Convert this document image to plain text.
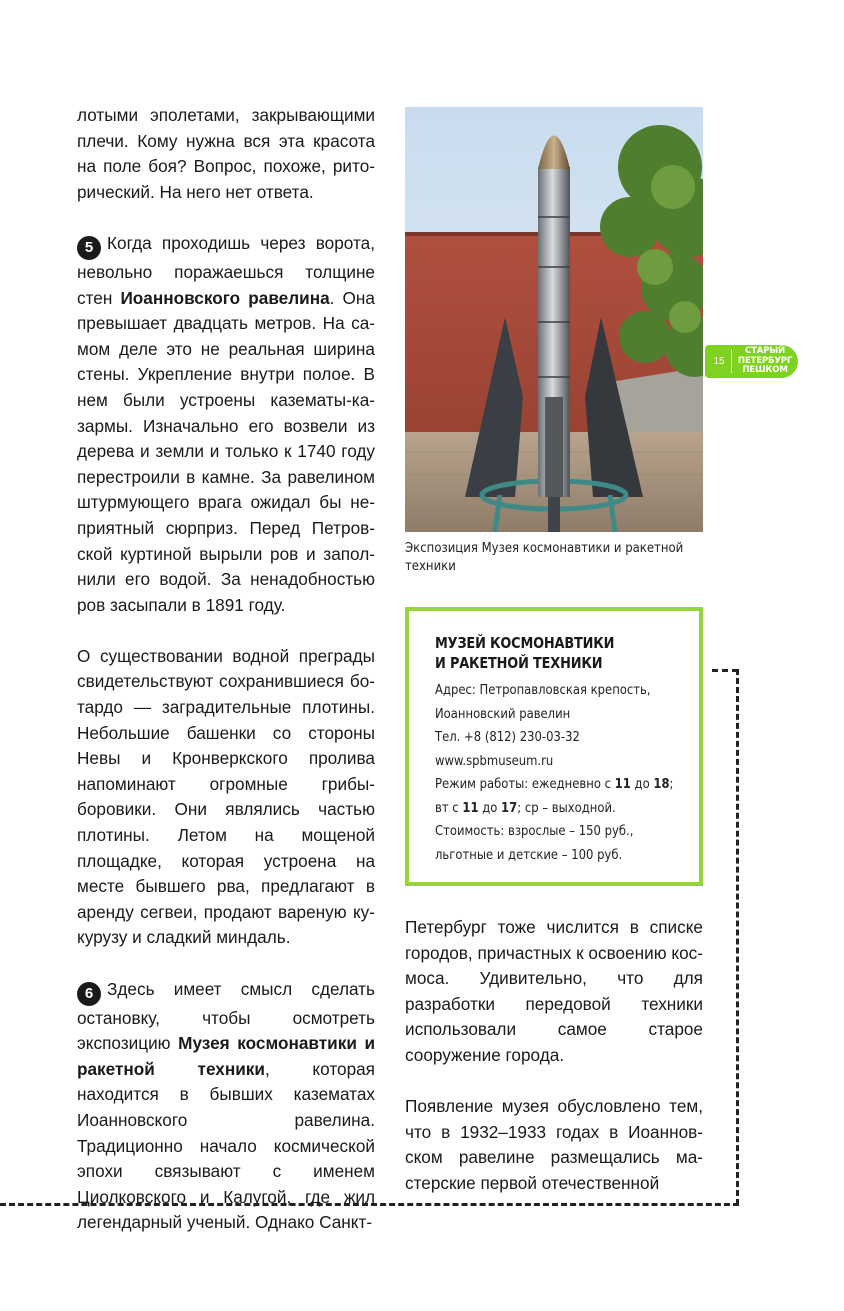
лотыми эполетами, закрывающими плечи. Кому нужна вся эта красота на поле боя? Вопрос, похоже, риторический. На него нет ответа.

5 Когда проходишь через ворота, невольно поражаешься толщине стен Иоанновского равелина. Она превышает двадцать метров. На самом деле это не реальная ширина стены. Укрепление внутри полое. В нем были устроены казематы-казармы. Изначально его возвели из дерева и земли и только к 1740 году перестроили в камне. За равелином штурмующего врага ожидал бы неприятный сюрприз. Перед Петровской куртиной вырыли ров и заполнили его водой. За ненадобностью ров засыпали в 1891 году.

О существовании водной преграды свидетельствуют сохранившиеся ботардо — заградительные плотины. Небольшие башенки со стороны Невы и Кронверкского пролива напоминают огромные грибы-боровики. Они являлись частью плотины. Летом на мощеной площадке, которая устроена на месте бывшего рва, предлагают в аренду сегвеи, продают вареную кукурузу и сладкий миндаль.

6 Здесь имеет смысл сделать остановку, чтобы осмотреть экспозицию Музея космонавтики и ракетной техники, которая находится в бывших казематах Иоанновского равелина. Традиционно начало космической эпохи связывают с именем Циолковского и Калугой, где жил легендарный ученый. Однако Санкт-

Экспозиция Музея космонавтики и ракетной техники
МУЗЕЙ КОСМОНАВТИКИ
И РАКЕТНОЙ ТЕХНИКИ
Адрес: Петропавловская крепость,
Иоанновский равелин
Тел. +8 (812) 230-03-32
www.spbmuseum.ru
Режим работы: ежедневно с 11 до 18;
вт с 11 до 17; ср – выходной.
Стоимость: взрослые – 150 руб.,
льготные и детские – 100 руб.

Петербург тоже числится в списке городов, причастных к освоению космоса. Удивительно, что для разработки передовой техники использовали самое старое сооружение города.

Появление музея обусловлено тем, что в 1932–1933 годах в Иоанновском равелине размещались мастерские первой отечественной

15
СТАРЫЙ
ПЕТЕРБУРГ
ПЕШКОМ
